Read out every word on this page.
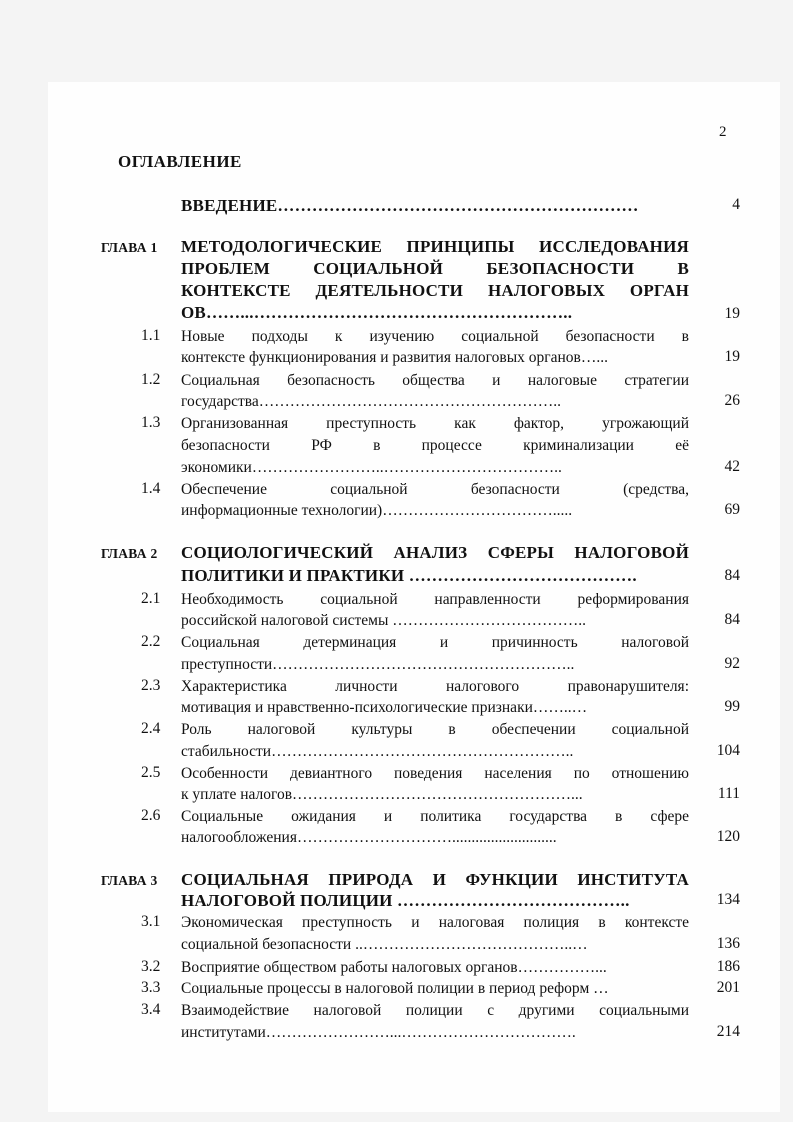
2
ОГЛАВЛЕНИЕ
ВВЕДЕНИЕ………………………………………………………	4
ГЛАВА 1 МЕТОДОЛОГИЧЕСКИЕ ПРИНЦИПЫ ИССЛЕДОВАНИЯ
ПРОБЛЕМ СОЦИАЛЬНОЙ БЕЗОПАСНОСТИ В
КОНТЕКСТЕ ДЕЯТЕЛЬНОСТИ НАЛОГОВЫХ ОРГАН
ОВ……...………………………………………………..	19
1.1 Новые подходы к изучению социальной безопасности в
контексте функционирования и развития налоговых органов…...	19
1.2 Социальная безопасность общества и налоговые стратегии
государства…………………………………………………..	26
1.3 Организованная преступность как фактор, угрожающий
безопасности РФ в процессе криминализации её
экономики……………………..……………………………..	42
1.4 Обеспечение социальной безопасности (средства,
информационные технологии)…………………………….....	69
ГЛАВА 2 СОЦИОЛОГИЧЕСКИЙ АНАЛИЗ СФЕРЫ НАЛОГОВОЙ
ПОЛИТИКИ И ПРАКТИКИ ………………………………….	84
2.1 Необходимость социальной направленности реформирования
российской налоговой системы ………………………………..	84
2.2 Социальная детерминация и причинность налоговой
преступности…………………………………………………..	92
2.3 Характеристика личности налогового правонарушителя:
мотивация и нравственно-психологические признаки……..…	99
2.4 Роль налоговой культуры в обеспечении социальной
стабильности…………………………………………………..	104
2.5 Особенности девиантного поведения населения по отношению
к уплате налогов………………………………………………...	111
2.6 Социальные ожидания и политика государства в сфере
налогообложения…………………………...........................	120
ГЛАВА 3 СОЦИАЛЬНАЯ ПРИРОДА И ФУНКЦИИ ИНСТИТУТА
НАЛОГОВОЙ ПОЛИЦИИ …………………………………..	134
3.1 Экономическая преступность и налоговая полиция в контексте
социальной безопасности ..…………………………………..…	136
3.2 Восприятие обществом работы налоговых органов……………...	186
3.3 Социальные процессы в налоговой полиции в период реформ …	201
3.4 Взаимодействие налоговой полиции с другими социальными
институтами……………………...…………………………….	214
